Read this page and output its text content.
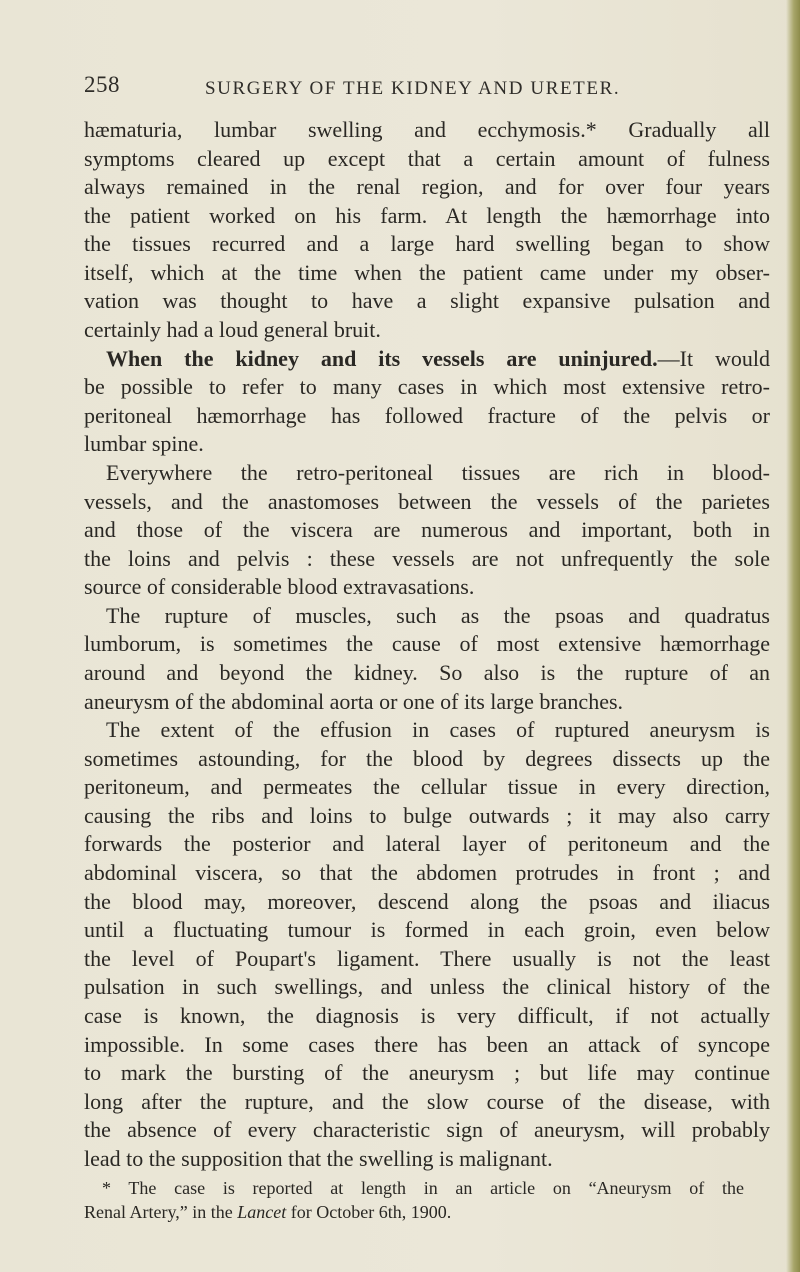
258	SURGERY OF THE KIDNEY AND URETER.
hæmaturia, lumbar swelling and ecchymosis.* Gradually all
symptoms cleared up except that a certain amount of fulness
always remained in the renal region, and for over four years
the patient worked on his farm. At length the hæmorrhage into
the tissues recurred and a large hard swelling began to show
itself, which at the time when the patient came under my obser-
vation was thought to have a slight expansive pulsation and
certainly had a loud general bruit.
When the kidney and its vessels are uninjured.—It would
be possible to refer to many cases in which most extensive retro-
peritoneal hæmorrhage has followed fracture of the pelvis or
lumbar spine.
Everywhere the retro-peritoneal tissues are rich in blood-
vessels, and the anastomoses between the vessels of the parietes
and those of the viscera are numerous and important, both in
the loins and pelvis : these vessels are not unfrequently the sole
source of considerable blood extravasations.
The rupture of muscles, such as the psoas and quadratus
lumborum, is sometimes the cause of most extensive hæmorrhage
around and beyond the kidney. So also is the rupture of an
aneurysm of the abdominal aorta or one of its large branches.
The extent of the effusion in cases of ruptured aneurysm is
sometimes astounding, for the blood by degrees dissects up the
peritoneum, and permeates the cellular tissue in every direction,
causing the ribs and loins to bulge outwards ; it may also carry
forwards the posterior and lateral layer of peritoneum and the
abdominal viscera, so that the abdomen protrudes in front ; and
the blood may, moreover, descend along the psoas and iliacus
until a fluctuating tumour is formed in each groin, even below
the level of Poupart's ligament. There usually is not the least
pulsation in such swellings, and unless the clinical history of the
case is known, the diagnosis is very difficult, if not actually
impossible. In some cases there has been an attack of syncope
to mark the bursting of the aneurysm ; but life may continue
long after the rupture, and the slow course of the disease, with
the absence of every characteristic sign of aneurysm, will probably
lead to the supposition that the swelling is malignant.
* The case is reported at length in an article on “Aneurysm of the
Renal Artery,” in the Lancet for October 6th, 1900.
